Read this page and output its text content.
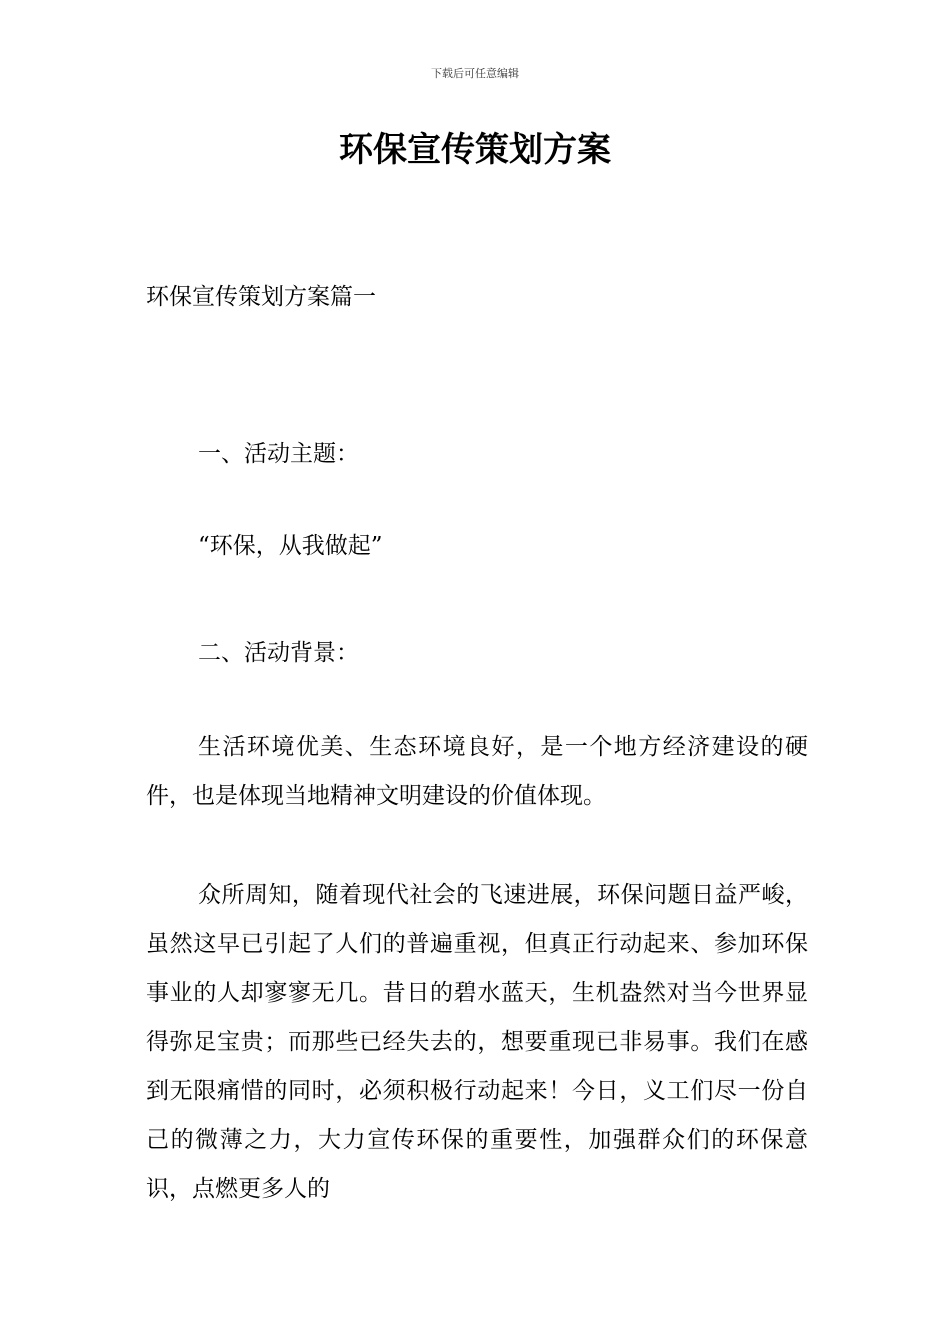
下载后可任意编辑
环保宣传策划方案

环保宣传策划方案篇一

一、活动主题：

“环保，从我做起”

二、活动背景：

生活环境优美、生态环境良好，是一个地方经济建设的硬件，也是体现当地精神文明建设的价值体现。

众所周知，随着现代社会的飞速进展，环保问题日益严峻，虽然这早已引起了人们的普遍重视，但真正行动起来、参加环保事业的人却寥寥无几。昔日的碧水蓝天，生机盎然对当今世界显得弥足宝贵；而那些已经失去的，想要重现已非易事。我们在感到无限痛惜的同时，必须积极行动起来！今日，义工们尽一份自己的微薄之力，大力宣传环保的重要性，加强群众们的环保意识，点燃更多人的
